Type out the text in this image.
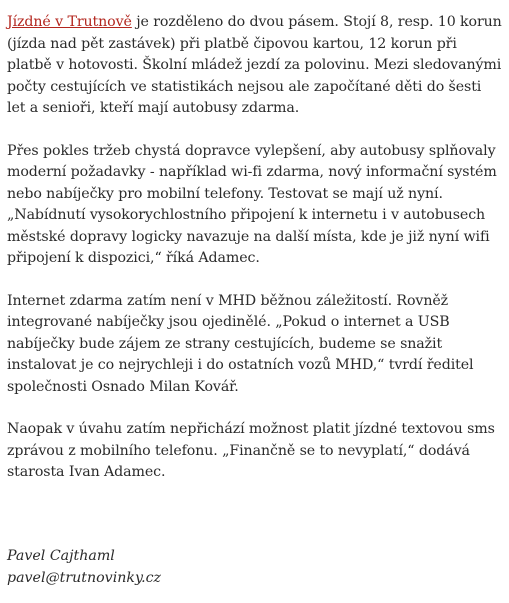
Jízdné v Trutnově je rozděleno do dvou pásem. Stojí 8, resp. 10 korun (jízda nad pět zastávek) při platbě čipovou kartou, 12 korun při platbě v hotovosti. Školní mládež jezdí za polovinu. Mezi sledovanými počty cestujících ve statistikách nejsou ale započítané děti do šesti let a senioři, kteří mají autobusy zdarma.

Přes pokles tržeb chystá dopravce vylepšení, aby autobusy splňovaly moderní požadavky - například wi-fi zdarma, nový informační systém nebo nabíječky pro mobilní telefony. Testovat se mají už nyní. „Nabídnutí vysokorychlostního připojení k internetu i v autobusech městské dopravy logicky navazuje na další místa, kde je již nyní wifi připojení k dispozici,“ říká Adamec.

Internet zdarma zatím není v MHD běžnou záležitostí. Rovněž integrované nabíječky jsou ojedinělé. „Pokud o internet a USB nabíječky bude zájem ze strany cestujících, budeme se snažit instalovat je co nejrychleji i do ostatních vozů MHD,“ tvrdí ředitel společnosti Osnado Milan Kovář.

Naopak v úvahu zatím nepřichází možnost platit jízdné textovou sms zprávou z mobilního telefonu. „Finančně se to nevyplatí,“ dodává starosta Ivan Adamec.

Pavel Cajthaml
pavel@trutnovinky.cz
